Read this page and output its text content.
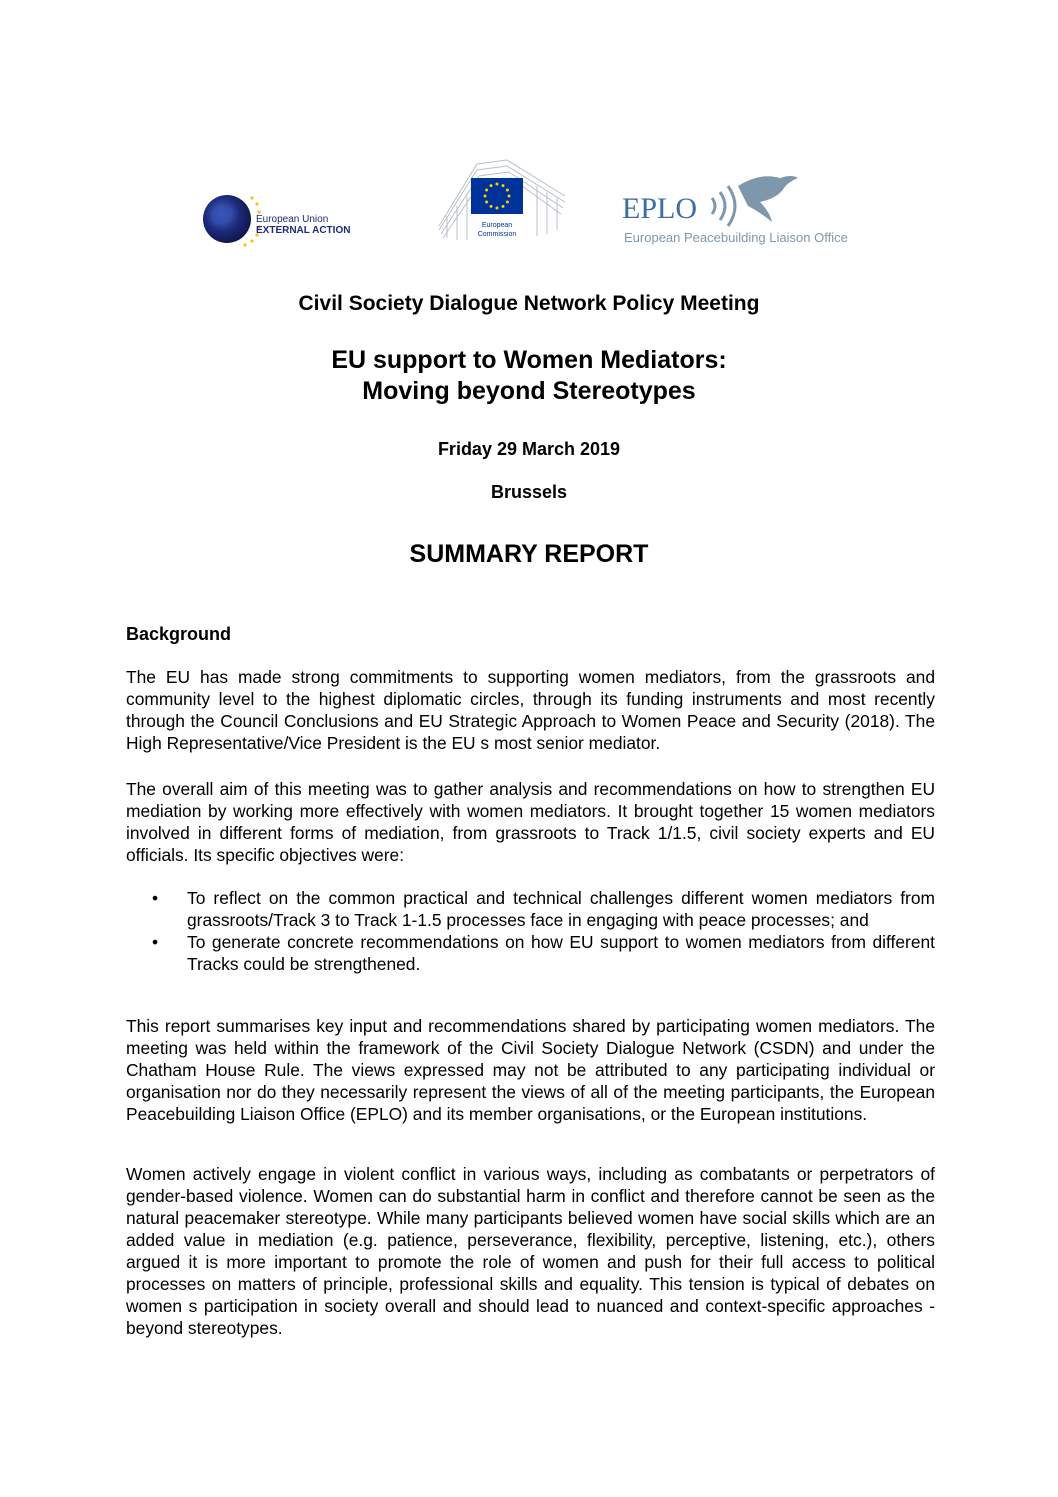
European Union
EXTERNAL ACTION	European
Commission
EPLO
European Peacebuilding Liaison Office
Civil Society Dialogue Network Policy Meeting
EU support to Women Mediators:
Moving beyond Stereotypes
Friday 29 March 2019
Brussels
SUMMARY REPORT
Background

The EU has made strong commitments to supporting women mediators, from the grassroots and community level to the highest diplomatic circles, through its funding instruments and most recently through the Council Conclusions and EU Strategic Approach to Women Peace and Security (2018). The High Representative/Vice President is the EU s most senior mediator.

The overall aim of this meeting was to gather analysis and recommendations on how to strengthen EU mediation by working more effectively with women mediators. It brought together 15 women mediators involved in different forms of mediation, from grassroots to Track 1/1.5, civil society experts and EU officials. Its specific objectives were:

• To reflect on the common practical and technical challenges different women mediators from grassroots/Track 3 to Track 1-1.5 processes face in engaging with peace processes; and
• To generate concrete recommendations on how EU support to women mediators from different Tracks could be strengthened.

This report summarises key input and recommendations shared by participating women mediators. The meeting was held within the framework of the Civil Society Dialogue Network (CSDN) and under the Chatham House Rule. The views expressed may not be attributed to any participating individual or organisation nor do they necessarily represent the views of all of the meeting participants, the European Peacebuilding Liaison Office (EPLO) and its member organisations, or the European institutions.

Women actively engage in violent conflict in various ways, including as combatants or perpetrators of gender-based violence. Women can do substantial harm in conflict and therefore cannot be seen as the natural peacemaker stereotype. While many participants believed women have social skills which are an added value in mediation (e.g. patience, perseverance, flexibility, perceptive, listening, etc.), others argued it is more important to promote the role of women and push for their full access to political processes on matters of principle, professional skills and equality. This tension is typical of debates on women s participation in society overall and should lead to nuanced and context-specific approaches - beyond stereotypes.
